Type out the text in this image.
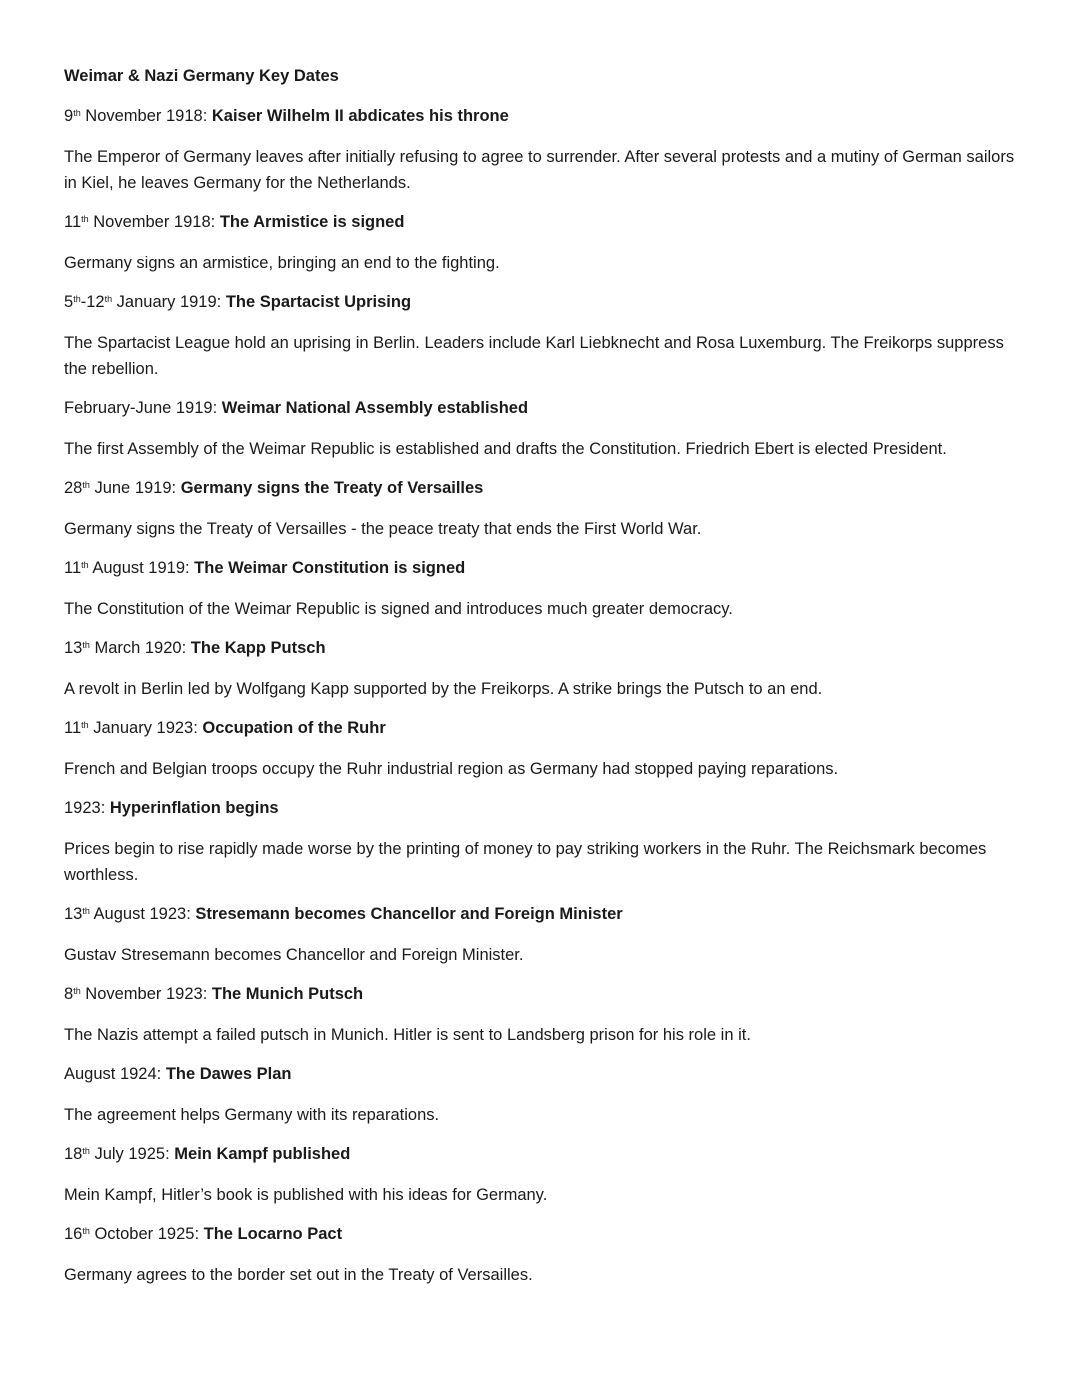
Weimar & Nazi Germany Key Dates

9th November 1918: Kaiser Wilhelm II abdicates his throne

The Emperor of Germany leaves after initially refusing to agree to surrender. After several protests and a mutiny of German sailors in Kiel, he leaves Germany for the Netherlands.

11th November 1918: The Armistice is signed

Germany signs an armistice, bringing an end to the fighting.

5th-12th January 1919: The Spartacist Uprising

The Spartacist League hold an uprising in Berlin. Leaders include Karl Liebknecht and Rosa Luxemburg. The Freikorps suppress the rebellion.

February-June 1919: Weimar National Assembly established

The first Assembly of the Weimar Republic is established and drafts the Constitution. Friedrich Ebert is elected President.

28th June 1919: Germany signs the Treaty of Versailles

Germany signs the Treaty of Versailles - the peace treaty that ends the First World War.

11th August 1919: The Weimar Constitution is signed

The Constitution of the Weimar Republic is signed and introduces much greater democracy.

13th March 1920: The Kapp Putsch

A revolt in Berlin led by Wolfgang Kapp supported by the Freikorps. A strike brings the Putsch to an end.

11th January 1923: Occupation of the Ruhr

French and Belgian troops occupy the Ruhr industrial region as Germany had stopped paying reparations.

1923: Hyperinflation begins

Prices begin to rise rapidly made worse by the printing of money to pay striking workers in the Ruhr. The Reichsmark becomes worthless.

13th August 1923: Stresemann becomes Chancellor and Foreign Minister

Gustav Stresemann becomes Chancellor and Foreign Minister.

8th November 1923: The Munich Putsch

The Nazis attempt a failed putsch in Munich. Hitler is sent to Landsberg prison for his role in it.

August 1924: The Dawes Plan

The agreement helps Germany with its reparations.

18th July 1925: Mein Kampf published

Mein Kampf, Hitler’s book is published with his ideas for Germany.

16th October 1925: The Locarno Pact

Germany agrees to the border set out in the Treaty of Versailles.
